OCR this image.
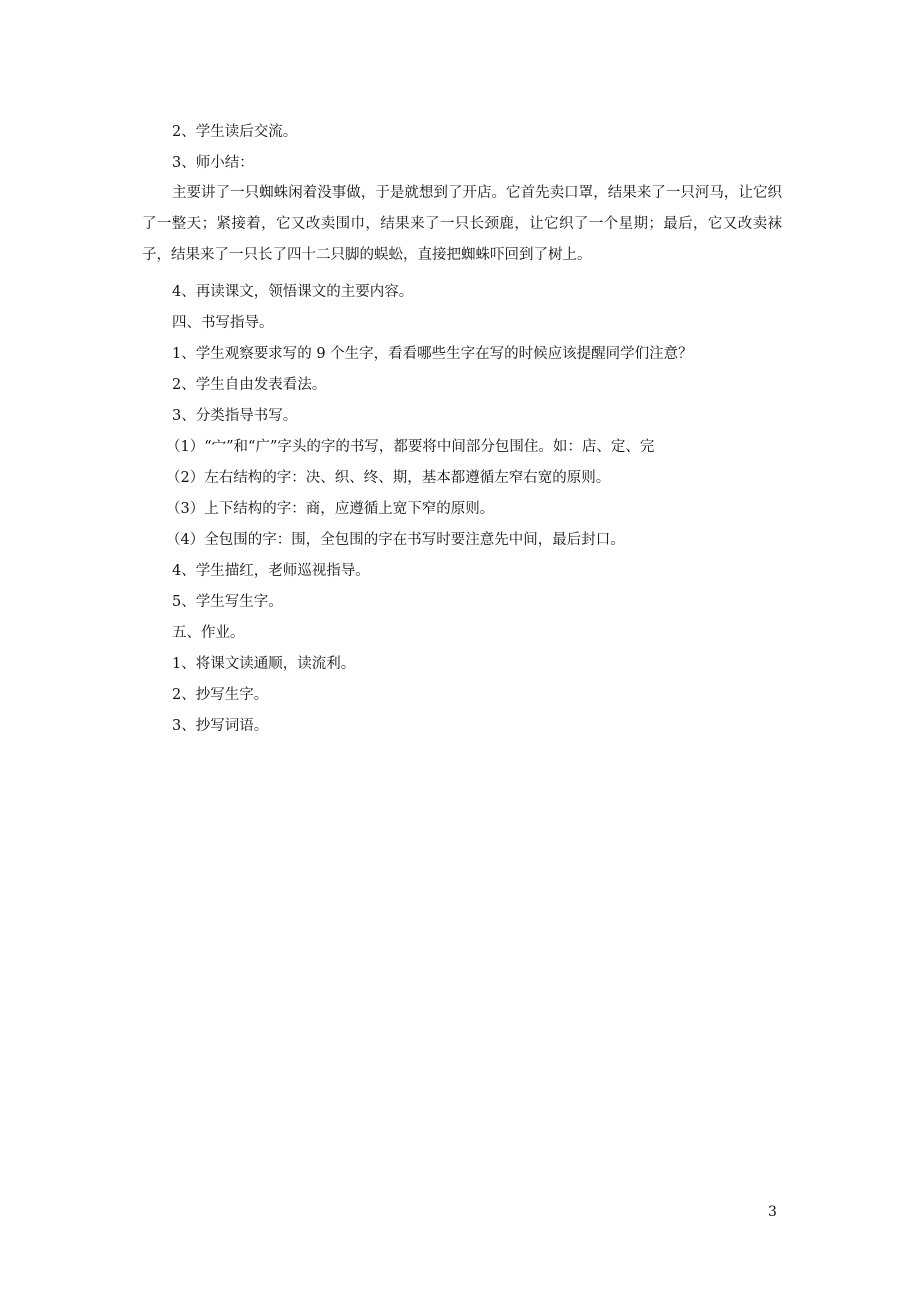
2、学生读后交流。

3、师小结：

主要讲了一只蜘蛛闲着没事做，于是就想到了开店。它首先卖口罩，结果来了一只河马，让它织了一整天；紧接着，它又改卖围巾，结果来了一只长颈鹿，让它织了一个星期；最后，它又改卖袜子，结果来了一只长了四十二只脚的蜈蚣，直接把蜘蛛吓回到了树上。

4、再读课文，领悟课文的主要内容。

四、书写指导。

1、学生观察要求写的 9 个生字，看看哪些生字在写的时候应该提醒同学们注意？

2、学生自由发表看法。

3、分类指导书写。

（1）“宀”和“广”字头的字的书写，都要将中间部分包围住。如：店、定、完

（2）左右结构的字：决、织、终、期，基本都遵循左窄右宽的原则。

（3）上下结构的字：商，应遵循上宽下窄的原则。

（4）全包围的字：围，全包围的字在书写时要注意先中间，最后封口。

4、学生描红，老师巡视指导。

5、学生写生字。

五、作业。

1、将课文读通顺，读流利。

2、抄写生字。

3、抄写词语。

3
